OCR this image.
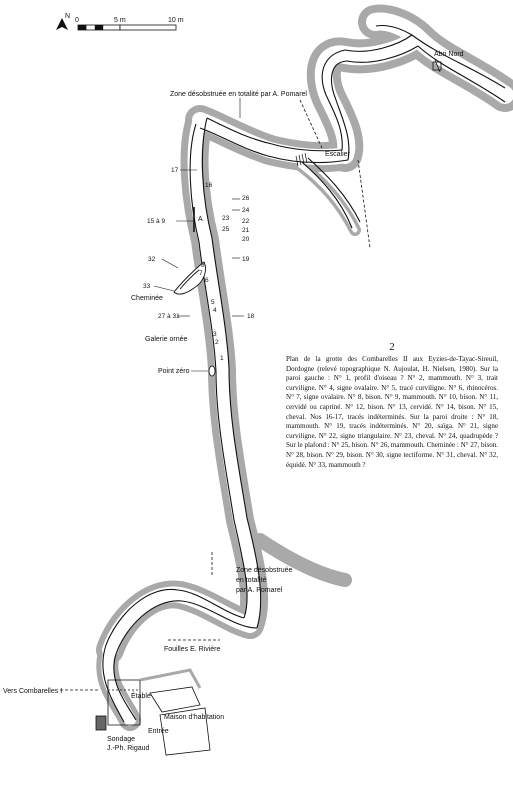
0	5 m	10 m
N
Abri Nord
Zone désobstruée en totalité par A. Pomarel
Escalier
A
Cheminée
Galerie ornée
Point zéro
Zone désobstruée
en totalité
par A. Pomarel
Fouilles E. Rivière
Vers Combarelles I
Étable
Maison d'habitation
Entrée
Sondage
J.-Ph. Rigaud
17
16
15 à 9
26
24
23 22
25 21
20
32
8
7
6
19
33
5
4
27 à 31	18
3
2
1

2

Plan de la grotte des Combarelles II aux Eyzies-de-Tayac-Sireuil, Dordogne (relevé topographique N. Aujoulat, H. Nielsen, 1980). Sur la paroi gauche : N° 1, profil d'oiseau ? N° 2, mammouth. N° 3, trait curviligne. N° 4, signe ovalaire. N° 5, tracé curviligne. N° 6, rhinocéros. N° 7, signe ovalaire. N° 8, bison. N° 9, mammouth. N° 10, bison. N° 11, cervidé ou capriné. N° 12, bison. N° 13, cervidé. N° 14, bison. N° 15, cheval. Nos 16-17, tracés indéterminés. Sur la paroi droite : N° 18, mammouth. N° 19, tracés indéterminés. N° 20, saïga. N° 21, signe curviligne. N° 22, signe triangulaire. N° 23, cheval. N° 24, quadrupède ? Sur le plafond : N° 25, bison. N° 26, mammouth. Cheminée : N° 27, bison. N° 28, bison. N° 29, bison. N° 30, signe tectiforme. N° 31, cheval. N° 32, équidé. N° 33, mammouth ?
